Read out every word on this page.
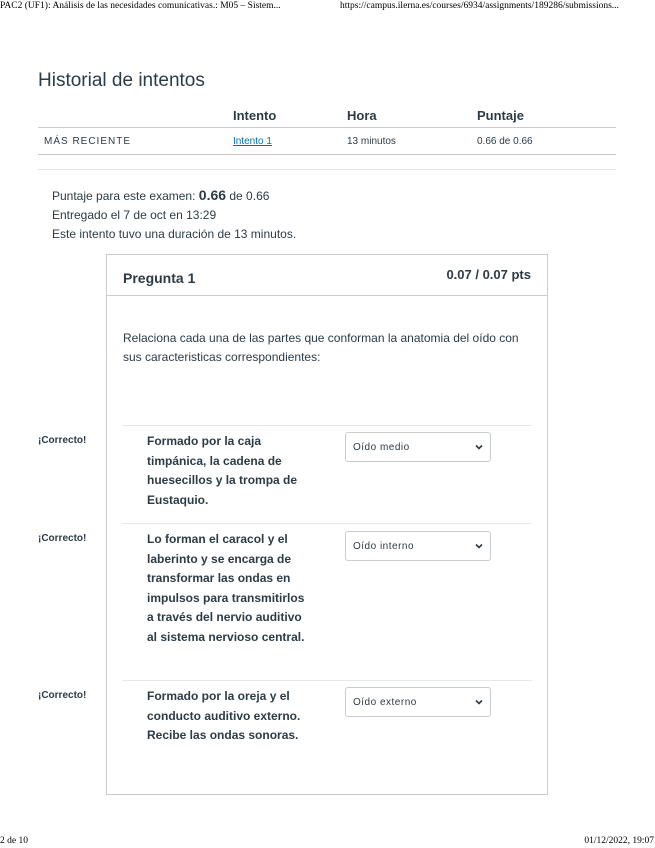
PAC2 (UF1): Análisis de las necesidades comunicativas.: M05 – Sistem...	https://campus.ilerna.es/courses/6934/assignments/189286/submissions...
Historial de intentos
Intento	Hora	Puntaje
MÁS RECIENTE	Intento 1	13 minutos	0.66 de 0.66
Puntaje para este examen: 0.66 de 0.66
Entregado el 7 de oct en 13:29
Este intento tuvo una duración de 13 minutos.
Pregunta 1	0.07 / 0.07 pts
Relaciona cada una de las partes que conforman la anatomia del oído con sus caracteristicas correspondientes:
¡Correcto!	Formado por la caja timpánica, la cadena de huesecillos y la trompa de Eustaquio.
Oído medio
¡Correcto!	Lo forman el caracol y el laberinto y se encarga de transformar las ondas en impulsos para transmitirlos a través del nervio auditivo al sistema nervioso central.
Oído interno
¡Correcto!	Formado por la oreja y el conducto auditivo externo. Recibe las ondas sonoras.
Oído externo
2 de 10	01/12/2022, 19:07
